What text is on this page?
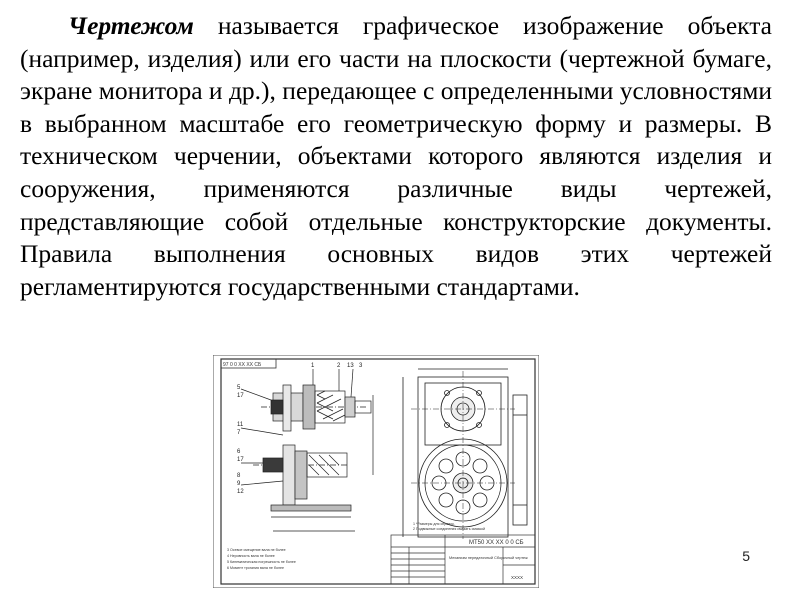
Чертежом называется графическое изображение объекта (например, изделия) или его части на плоскости (чертежной бумаге, экране монитора и др.), передающее с определенными условностями в выбранном масштабе его геометрическую форму и размеры. В техническом черчении, объектами которого являются изделия и сооружения, применяются различные виды чертежей, представляющие собой отдельные конструкторские документы. Правила выполнения основных видов этих чертежей регламентируются государственными стандартами.
97 0 0 XX XX СБ
5
17
11
7
6
17
8
9
12
1	2 13 3
3 Осевое смещение вала не более
4 Неровность вала не более
5 Кинематическая погрешность не более
6 Момент трогания вала не более
1 *Размеры для справок.
2 Подвижные соединения смазать смазкой
МТ50 XX XX 0 0 СБ
Механизм передаточный Сборочный чертеж
XXXX
5
